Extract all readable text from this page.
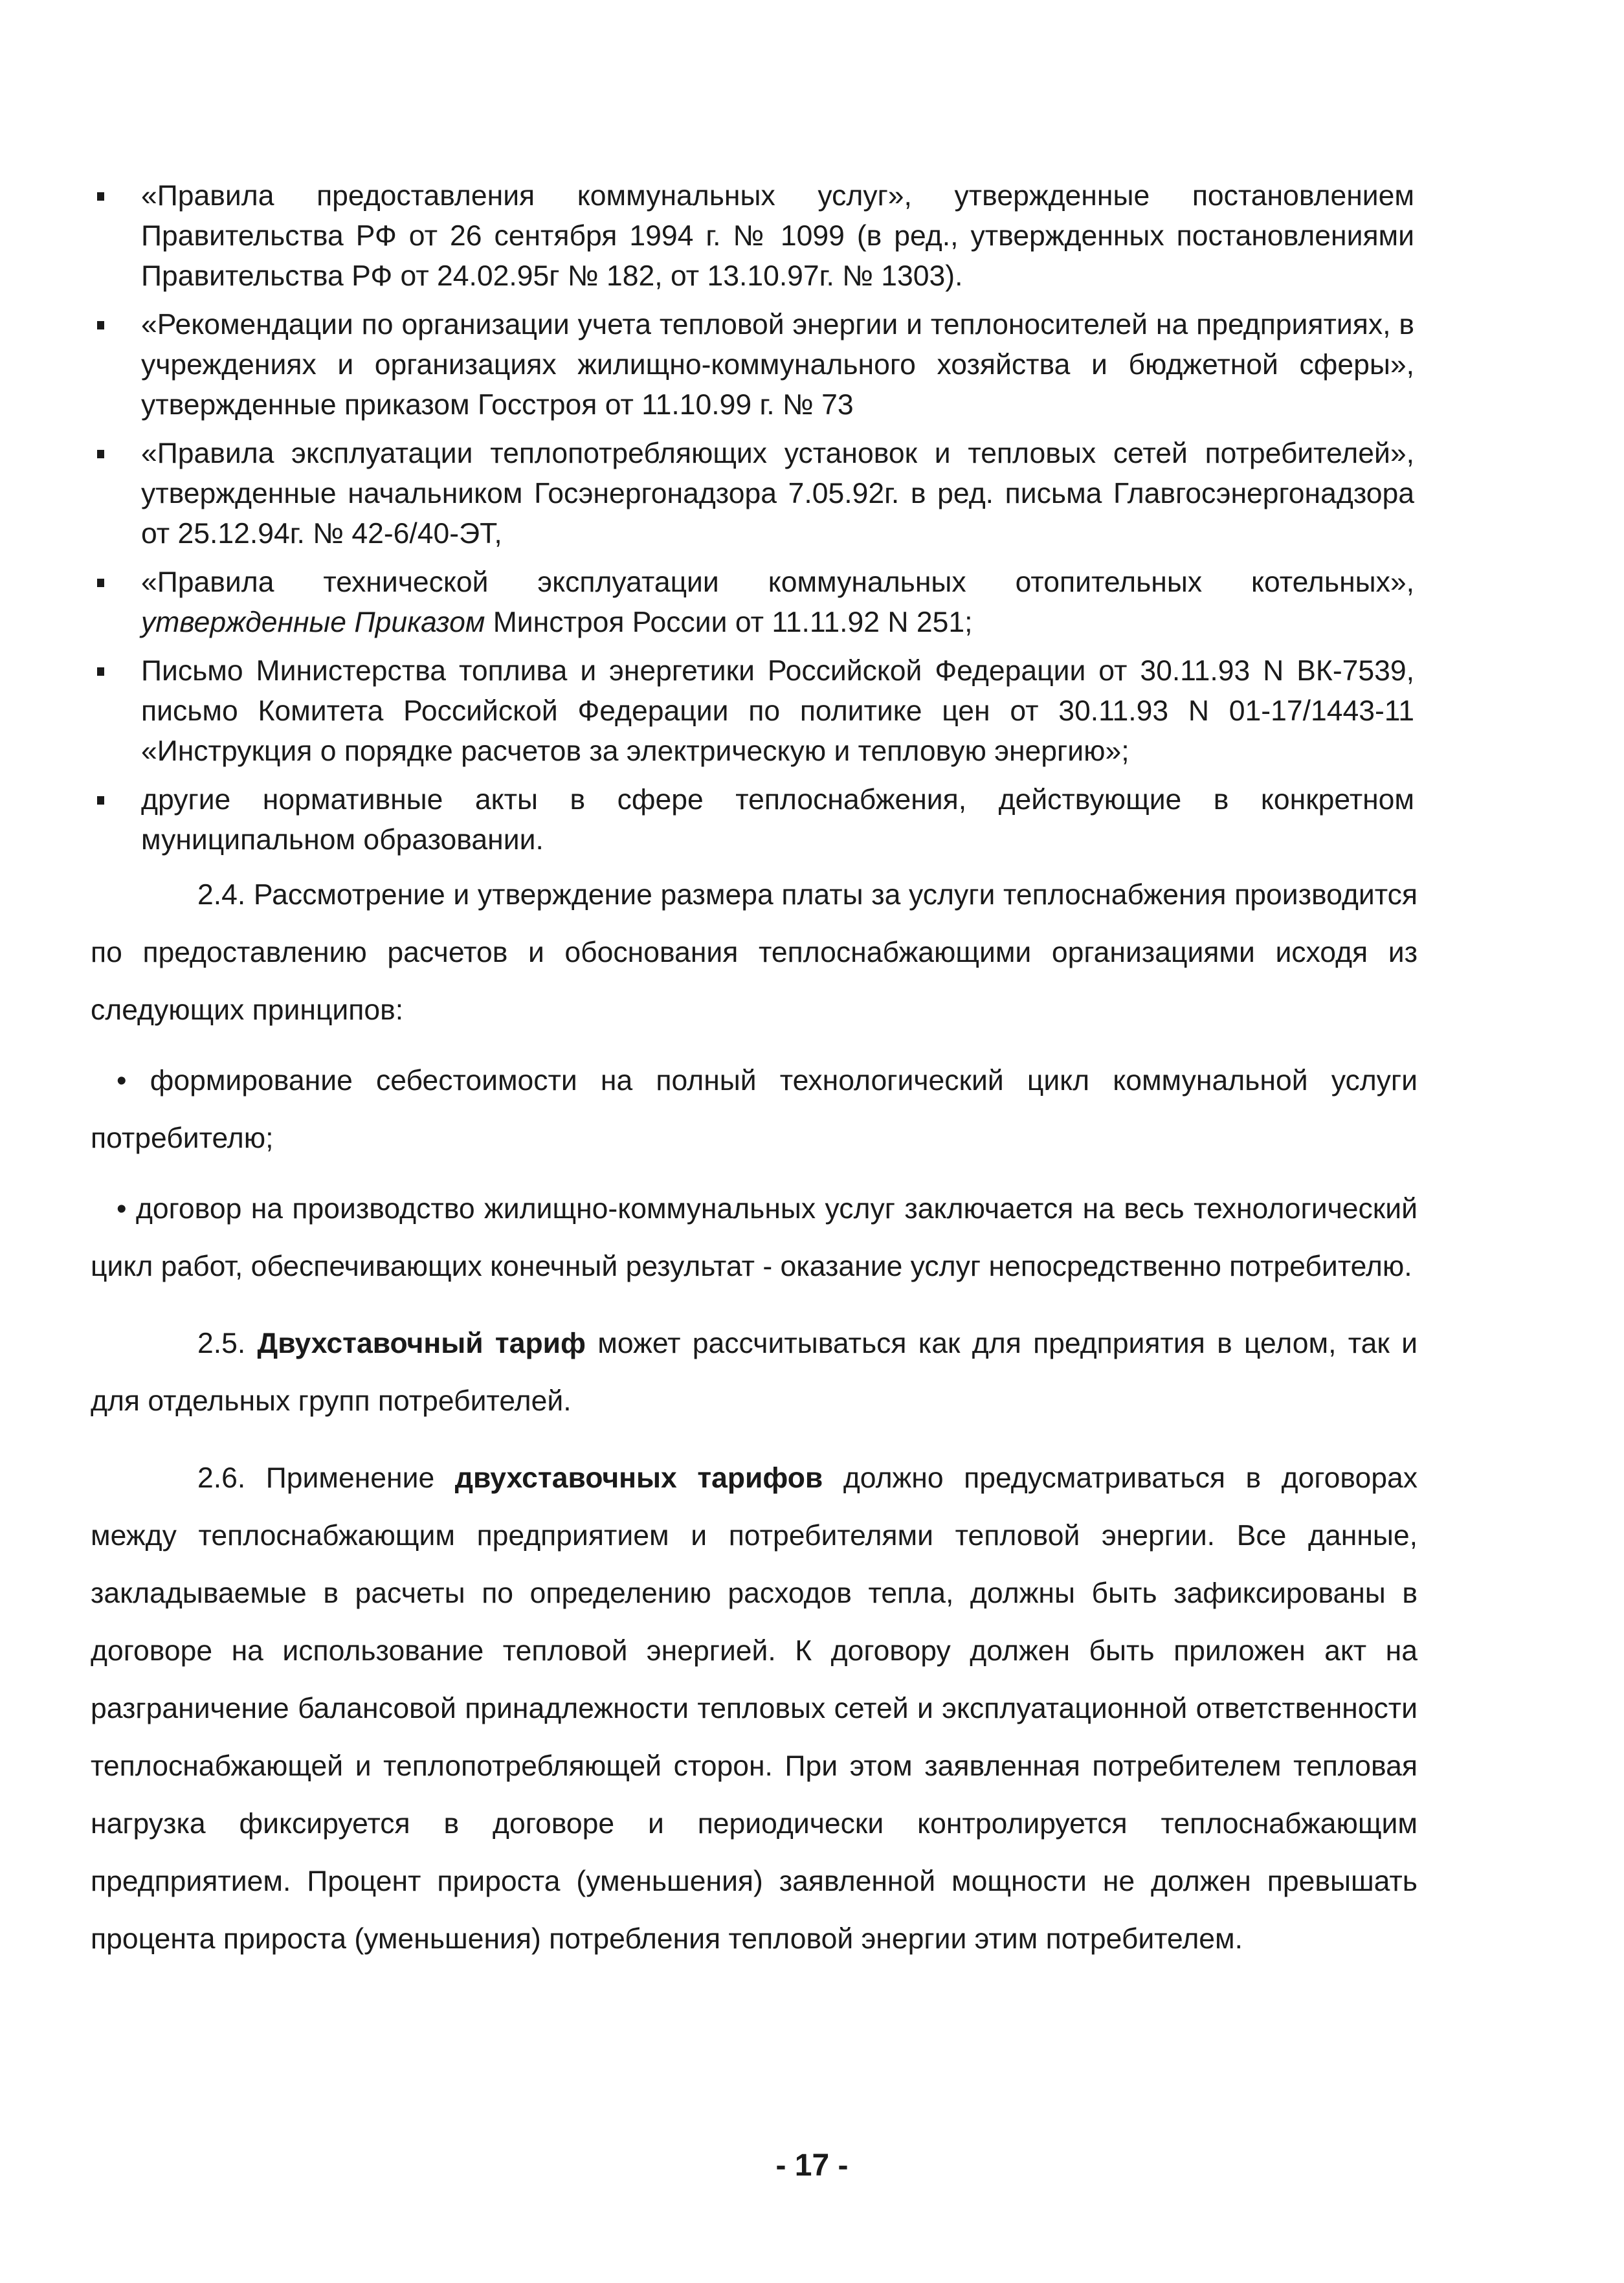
«Правила предоставления коммунальных услуг», утвержденные постановлением Правительства РФ от 26 сентября 1994 г. № 1099 (в ред., утвержденных постановлениями Правительства РФ от 24.02.95г № 182, от 13.10.97г. № 1303).
«Рекомендации по организации учета тепловой энергии и теплоносителей на предприятиях, в учреждениях и организациях жилищно-коммунального хозяйства и бюджетной сферы», утвержденные приказом Госстроя от 11.10.99 г. № 73
«Правила эксплуатации теплопотребляющих установок и тепловых сетей потребителей», утвержденные начальником Госэнергонадзора 7.05.92г. в ред. письма Главгосэнергонадзора от 25.12.94г. № 42-6/40-ЭТ,
«Правила технической эксплуатации коммунальных отопительных котельных», утвержденные Приказом Минстроя России от 11.11.92 N 251;
Письмо Министерства топлива и энергетики Российской Федерации от 30.11.93 N ВК-7539, письмо Комитета Российской Федерации по политике цен от 30.11.93 N 01-17/1443-11 «Инструкция о порядке расчетов за электрическую и тепловую энергию»;
другие нормативные акты в сфере теплоснабжения, действующие в конкретном муниципальном образовании.

2.4. Рассмотрение и утверждение размера платы за услуги теплоснабжения производится по предоставлению расчетов и обоснования теплоснабжающими организациями исходя из следующих принципов:

• формирование себестоимости на полный технологический цикл коммунальной услуги потребителю;

• договор на производство жилищно-коммунальных услуг заключается на весь технологический цикл работ, обеспечивающих конечный результат - оказание услуг непосредственно потребителю.

2.5. Двухставочный тариф может рассчитываться как для предприятия в целом, так и для отдельных групп потребителей.

2.6. Применение двухставочных тарифов должно предусматриваться в договорах между теплоснабжающим предприятием и потребителями тепловой энергии. Все данные, закладываемые в расчеты по определению расходов тепла, должны быть зафиксированы в договоре на использование тепловой энергией. К договору должен быть приложен акт на разграничение балансовой принадлежности тепловых сетей и эксплуатационной ответственности теплоснабжающей и теплопотребляющей сторон. При этом заявленная потребителем тепловая нагрузка фиксируется в договоре и периодически контролируется теплоснабжающим предприятием. Процент прироста (уменьшения) заявленной мощности не должен превышать процента прироста (уменьшения) потребления тепловой энергии этим потребителем.

- 17 -
